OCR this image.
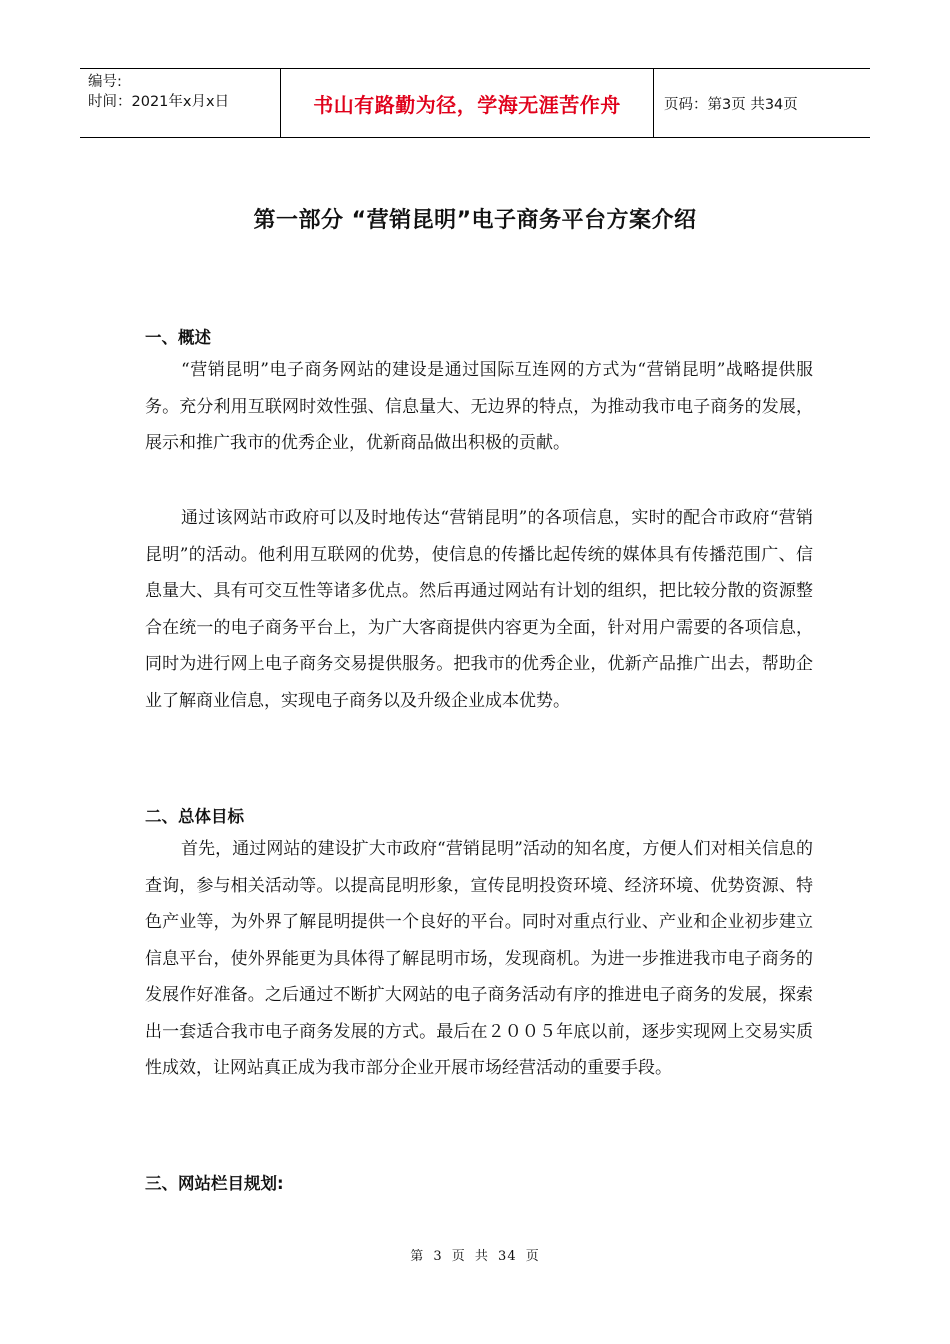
编号:
时间：2021年x月x日	书山有路勤为径，学海无涯苦作舟	页码：第3页 共34页
第一部分 “营销昆明”电子商务平台方案介绍
一、概述

“营销昆明”电子商务网站的建设是通过国际互连网的方式为“营销昆明”战略提供服务。充分利用互联网时效性强、信息量大、无边界的特点，为推动我市电子商务的发展，展示和推广我市的优秀企业，优新商品做出积极的贡献。

通过该网站市政府可以及时地传达“营销昆明”的各项信息，实时的配合市政府“营销昆明”的活动。他利用互联网的优势，使信息的传播比起传统的媒体具有传播范围广、信息量大、具有可交互性等诸多优点。然后再通过网站有计划的组织，把比较分散的资源整合在统一的电子商务平台上，为广大客商提供内容更为全面，针对用户需要的各项信息，同时为进行网上电子商务交易提供服务。把我市的优秀企业，优新产品推广出去，帮助企业了解商业信息，实现电子商务以及升级企业成本优势。

二、总体目标

首先，通过网站的建设扩大市政府“营销昆明”活动的知名度，方便人们对相关信息的查询，参与相关活动等。以提高昆明形象，宣传昆明投资环境、经济环境、优势资源、特色产业等，为外界了解昆明提供一个良好的平台。同时对重点行业、产业和企业初步建立信息平台，使外界能更为具体得了解昆明市场，发现商机。为进一步推进我市电子商务的发展作好准备。之后通过不断扩大网站的电子商务活动有序的推进电子商务的发展，探索出一套适合我市电子商务发展的方式。最后在２００５年底以前，逐步实现网上交易实质性成效，让网站真正成为我市部分企业开展市场经营活动的重要手段。

三、网站栏目规划:
第 3 页 共 34 页
